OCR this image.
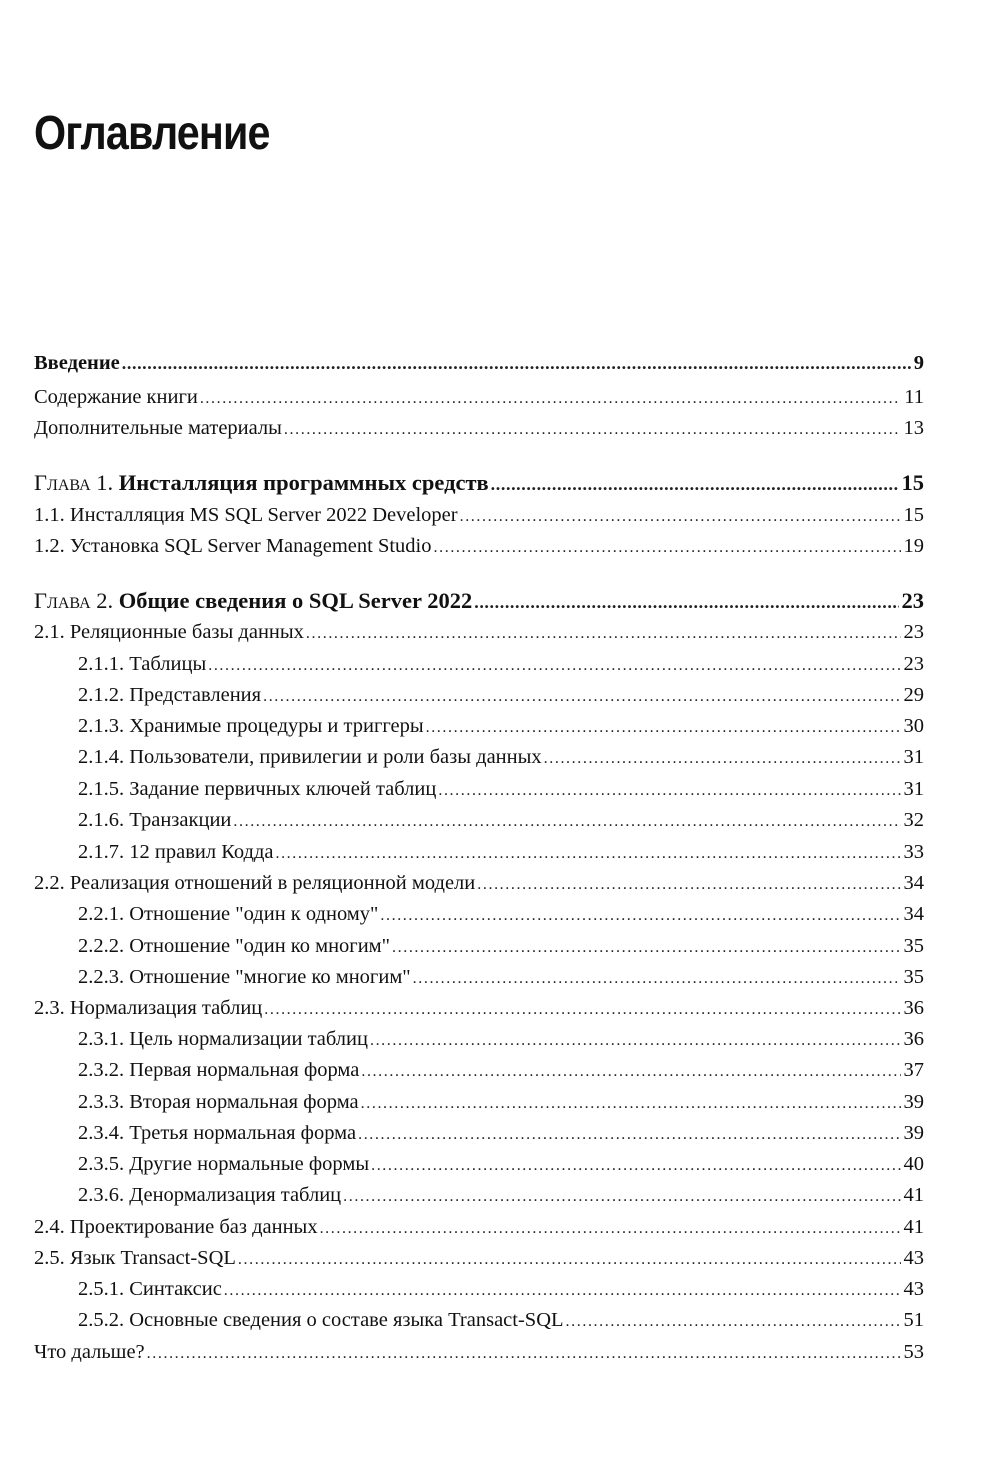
Оглавление
Введение .....	9
Содержание книги .....	11
Дополнительные материалы .....	13
Глава 1. Инсталляция программных средств .....	15
1.1. Инсталляция MS SQL Server 2022 Developer .....	15
1.2. Установка SQL Server Management Studio .....	19
Глава 2. Общие сведения о SQL Server 2022 .....	23
2.1. Реляционные базы данных .....	23
2.1.1. Таблицы .....	23
2.1.2. Представления .....	29
2.1.3. Хранимые процедуры и триггеры .....	30
2.1.4. Пользователи, привилегии и роли базы данных .....	31
2.1.5. Задание первичных ключей таблиц .....	31
2.1.6. Транзакции .....	32
2.1.7. 12 правил Кодда .....	33
2.2. Реализация отношений в реляционной модели .....	34
2.2.1. Отношение "один к одному" .....	34
2.2.2. Отношение "один ко многим" .....	35
2.2.3. Отношение "многие ко многим" .....	35
2.3. Нормализация таблиц .....	36
2.3.1. Цель нормализации таблиц .....	36
2.3.2. Первая нормальная форма .....	37
2.3.3. Вторая нормальная форма .....	39
2.3.4. Третья нормальная форма .....	39
2.3.5. Другие нормальные формы .....	40
2.3.6. Денормализация таблиц .....	41
2.4. Проектирование баз данных .....	41
2.5. Язык Transact-SQL .....	43
2.5.1. Синтаксис .....	43
2.5.2. Основные сведения о составе языка Transact-SQL .....	51
Что дальше? .....	53
